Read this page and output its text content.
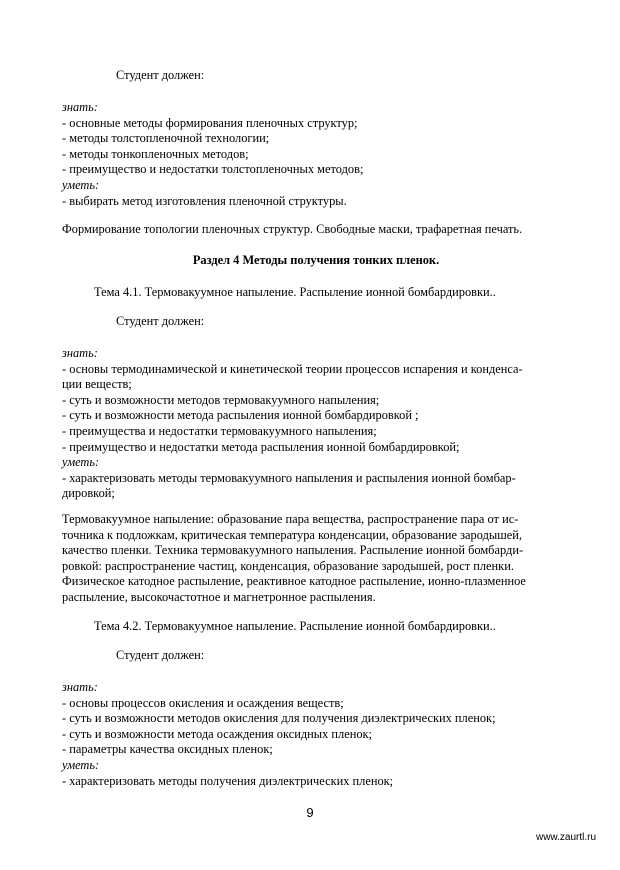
Студент должен:
знать:
- основные методы формирования пленочных структур;
- методы толстопленочной технологии;
- методы тонкопленочных методов;
- преимущество и недостатки толстопленочных методов;
уметь:
- выбирать метод изготовления пленочной структуры.
Формирование топологии пленочных структур. Свободные маски, трафаретная печать.
Раздел 4 Методы получения тонких пленок.
Тема 4.1. Термовакуумное напыление. Распыление ионной бомбардировки..
Студент должен:
знать:
- основы термодинамической и кинетической теории процессов испарения и конденса-
ции веществ;
- суть и возможности методов термовакуумного напыления;
- суть и возможности метода распыления ионной бомбардировкой ;
- преимущества и недостатки термовакуумного напыления;
- преимущество и недостатки метода распыления ионной бомбардировкой;
уметь:
- характеризовать методы термовакуумного напыления и распыления ионной бомбар-
дировкой;
Термовакуумное напыление: образование пара вещества, распространение пара от ис-
точника к подложкам, критическая температура конденсации, образование зародышей,
качество пленки. Техника термовакуумного напыления. Распыление ионной бомбарди-
ровкой: распространение частиц, конденсация, образование зародышей, рост пленки.
Физическое катодное распыление, реактивное катодное распыление, ионно-плазменное
распыление, высокочастотное и магнетронное распыления.
Тема 4.2. Термовакуумное напыление. Распыление ионной бомбардировки..
Студент должен:
знать:
- основы процессов окисления и осаждения веществ;
- суть и возможности методов окисления для получения диэлектрических пленок;
- суть и возможности метода осаждения оксидных пленок;
- параметры качества оксидных пленок;
уметь:
- характеризовать методы получения диэлектрических пленок;
9
www.zaurtl.ru
